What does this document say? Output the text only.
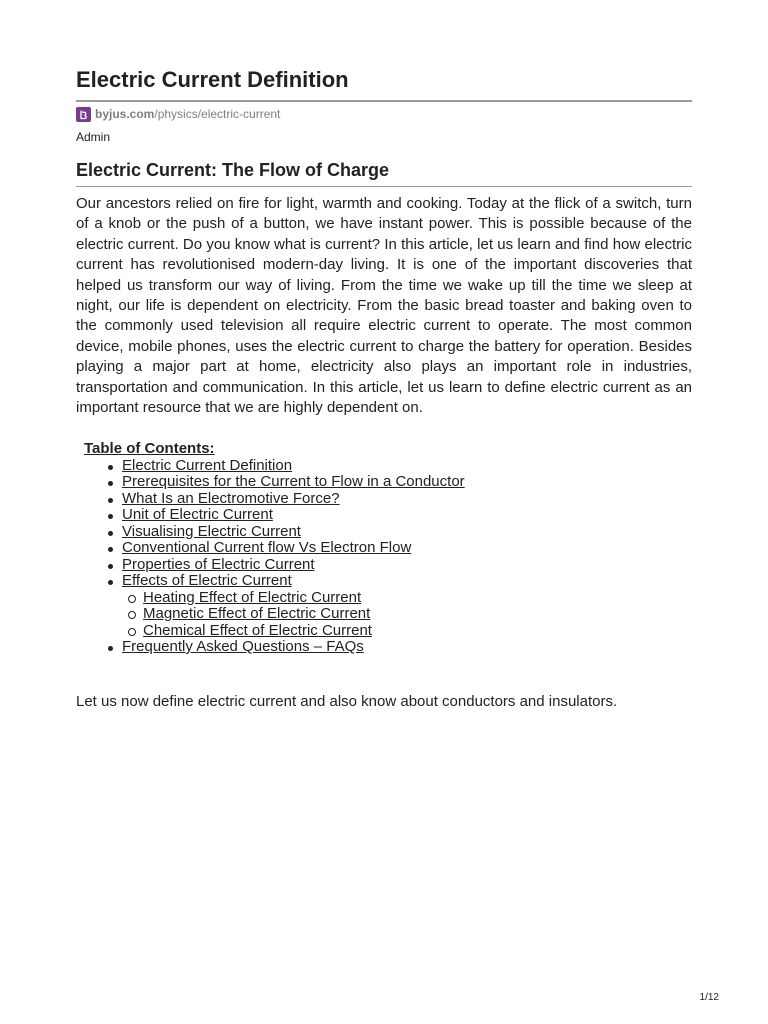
Electric Current Definition
byjus.com /physics/electric-current
Admin
Electric Current: The Flow of Charge

Our ancestors relied on fire for light, warmth and cooking. Today at the flick of a switch, turn of a knob or the push of a button, we have instant power. This is possible because of the electric current. Do you know what is current? In this article, let us learn and find how electric current has revolutionised modern-day living. It is one of the important discoveries that helped us transform our way of living. From the time we wake up till the time we sleep at night, our life is dependent on electricity. From the basic bread toaster and baking oven to the commonly used television all require electric current to operate. The most common device, mobile phones, uses the electric current to charge the battery for operation. Besides playing a major part at home, electricity also plays an important role in industries, transportation and communication. In this article, let us learn to define electric current as an important resource that we are highly dependent on.

Table of Contents:
Electric Current Definition
Prerequisites for the Current to Flow in a Conductor
What Is an Electromotive Force?
Unit of Electric Current
Visualising Electric Current
Conventional Current flow Vs Electron Flow
Properties of Electric Current
Effects of Electric Current
Heating Effect of Electric Current
Magnetic Effect of Electric Current
Chemical Effect of Electric Current
Frequently Asked Questions – FAQs

Let us now define electric current and also know about conductors and insulators.

1/12
